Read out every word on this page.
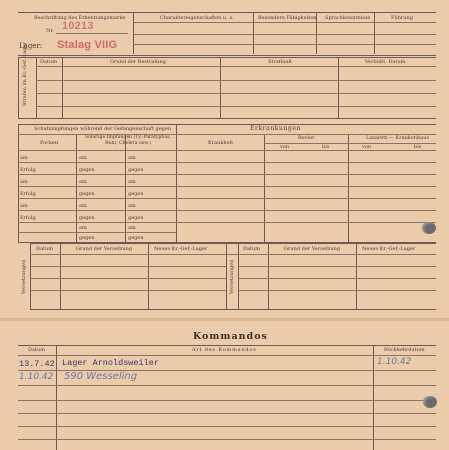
Beschriftung des Erkennungsmarke
Nr. 10213
Lager: Stalag VIIG
Charaktereigenschaften u. a.	Besondere Fähigkeiten Sprachkenntnisse	Führung
Strafen im Kr.-Gef.-Lager Datum	Grund der Bestrafung	Strafmaß	Verbüßt. Datum
Schutzimpfungen während der Gefangenschaft gegen
Pocken
Sonstige Impfungen (Ty.-Paratyphus, Ruhr, Cholera usw.)
Erkrankungen
Krankheit
Revier	Lazarett — Krankenhaus
von	bis	von	bis
am	am	am
Erfolg	gegen	gegen
am	am	am
Erfolg	gegen	gegen
am	am	am
Erfolg	gegen	gegen
am	am
gegen	gegen
Versetzungen	Versetzungen
Datum	Grund der Versetzung	Neues Kr.-Gef.-Lager	Datum	Grund der Versetzung	Neues Kr.-Gef.-Lager
Kommandos
Datum	Art des Kommandos	Rückkehrdatum
13.7.42 Lager Arnoldsweiler	1.10.42
1.10.42 590 Wesseling
